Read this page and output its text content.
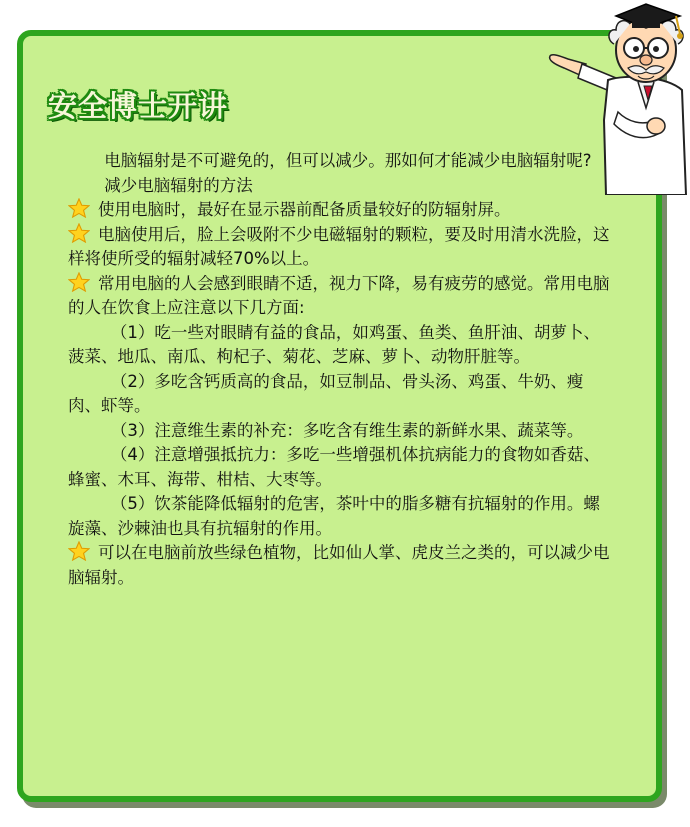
安全博士开讲

电脑辐射是不可避免的，但可以减少。那如何才能减少电脑辐射呢?

减少电脑辐射的方法

使用电脑时，最好在显示器前配备质量较好的防辐射屏。

电脑使用后，脸上会吸附不少电磁辐射的颗粒，要及时用清水洗脸，这样将使所受的辐射减轻70%以上。

常用电脑的人会感到眼睛不适，视力下降，易有疲劳的感觉。常用电脑的人在饮食上应注意以下几方面:

（1）吃一些对眼睛有益的食品，如鸡蛋、鱼类、鱼肝油、胡萝卜、菠菜、地瓜、南瓜、枸杞子、菊花、芝麻、萝卜、动物肝脏等。

（2）多吃含钙质高的食品，如豆制品、骨头汤、鸡蛋、牛奶、瘦肉、虾等。

（3）注意维生素的补充：多吃含有维生素的新鲜水果、蔬菜等。

（4）注意增强抵抗力：多吃一些增强机体抗病能力的食物如香菇、蜂蜜、木耳、海带、柑桔、大枣等。

（5）饮茶能降低辐射的危害，茶叶中的脂多糖有抗辐射的作用。螺旋藻、沙棘油也具有抗辐射的作用。

可以在电脑前放些绿色植物，比如仙人掌、虎皮兰之类的，可以减少电脑辐射。
